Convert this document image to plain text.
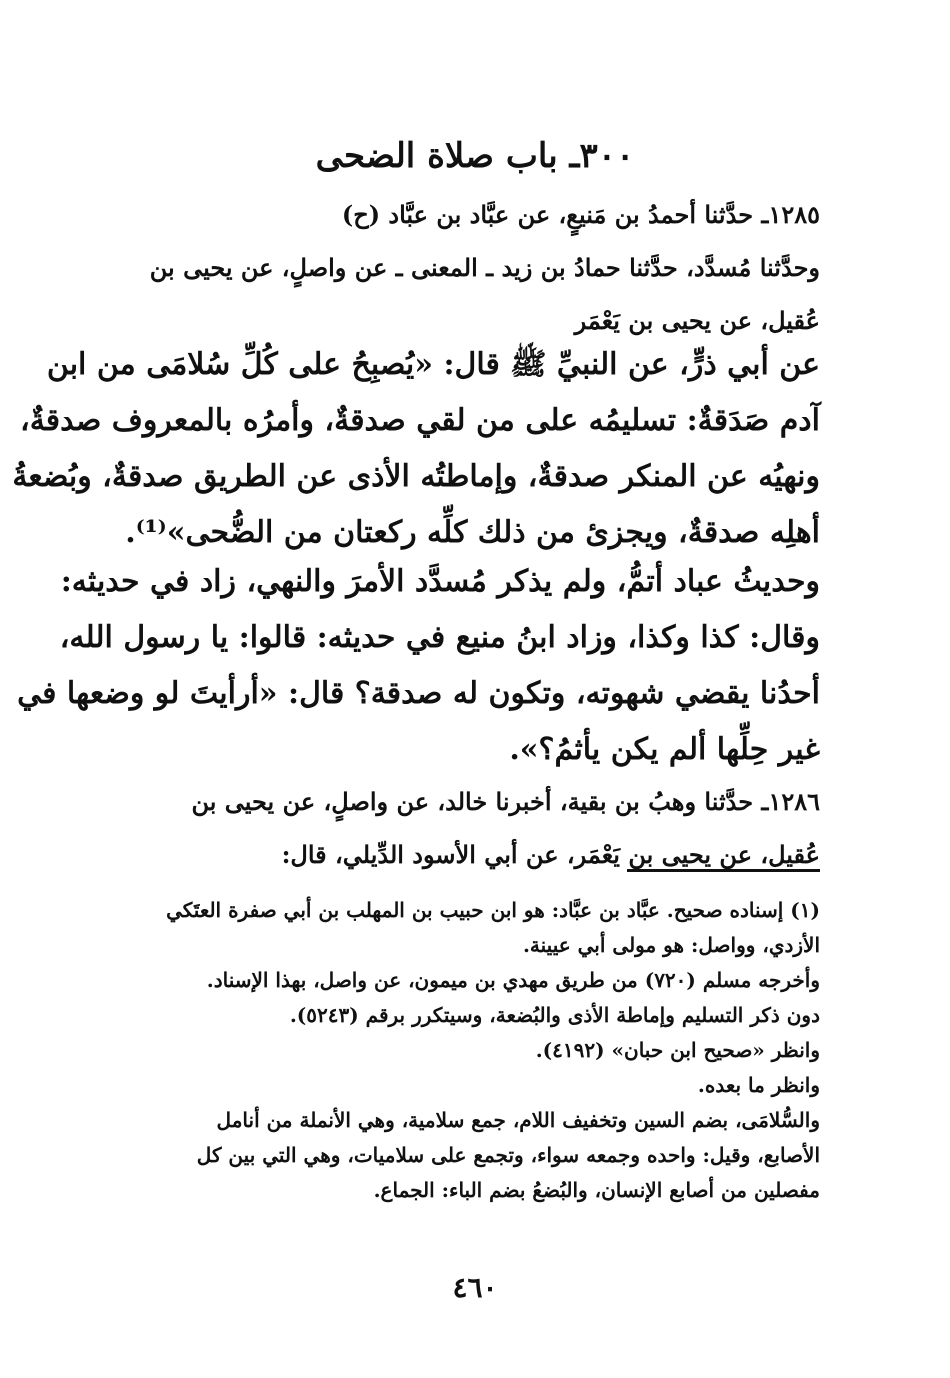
٣٠٠ـ باب صلاة الضحى
١٢٨٥ـ حدَّثنا أحمدُ بن مَنيعٍ، عن عبَّاد بن عبَّاد (ح)
وحدَّثنا مُسدَّد، حدَّثنا حمادُ بن زيد ـ المعنى ـ عن واصلٍ، عن يحيى بن
عُقيل، عن يحيى بن يَعْمَر
عن أبي ذرٍّ، عن النبيِّ ﷺ قال: «يُصبِحُ على كُلِّ سُلامَى من ابن
آدم صَدَقةٌ: تسليمُه على من لقي صدقةٌ، وأمرُه بالمعروف صدقةٌ،
ونهيُه عن المنكر صدقةٌ، وإماطتُه الأذى عن الطريق صدقةٌ، وبُضعةُ
أهلِه صدقةٌ، ويجزئ من ذلك كلِّه ركعتان من الضُّحى»⁽¹⁾.
وحديثُ عباد أتمُّ، ولم يذكر مُسدَّد الأمرَ والنهي، زاد في حديثه:
وقال: كذا وكذا، وزاد ابنُ منيع في حديثه: قالوا: يا رسول الله،
أحدُنا يقضي شهوته، وتكون له صدقة؟ قال: «أرأيتَ لو وضعها في
غير حِلِّها ألم يكن يأثمُ؟».
١٢٨٦ـ حدَّثنا وهبُ بن بقية، أخبرنا خالد، عن واصلٍ، عن يحيى بن
عُقيل، عن يحيى بن يَعْمَر، عن أبي الأسود الدِّيلي، قال:
(١) إسناده صحيح. عبَّاد بن عبَّاد: هو ابن حبيب بن المهلب بن أبي صفرة العتَكي
الأزدي، وواصل: هو مولى أبي عيينة.
وأخرجه مسلم (٧٢٠) من طريق مهدي بن ميمون، عن واصل، بهذا الإسناد.
دون ذكر التسليم وإماطة الأذى والبُضعة، وسيتكرر برقم (٥٢٤٣).
وانظر «صحيح ابن حبان» (٤١٩٢).
وانظر ما بعده.
والسُّلامَى، بضم السين وتخفيف اللام، جمع سلامية، وهي الأنملة من أنامل
الأصابع، وقيل: واحده وجمعه سواء، وتجمع على سلاميات، وهي التي بين كل
مفصلين من أصابع الإنسان، والبُضعُ بضم الباء: الجماع.
٤٦٠
